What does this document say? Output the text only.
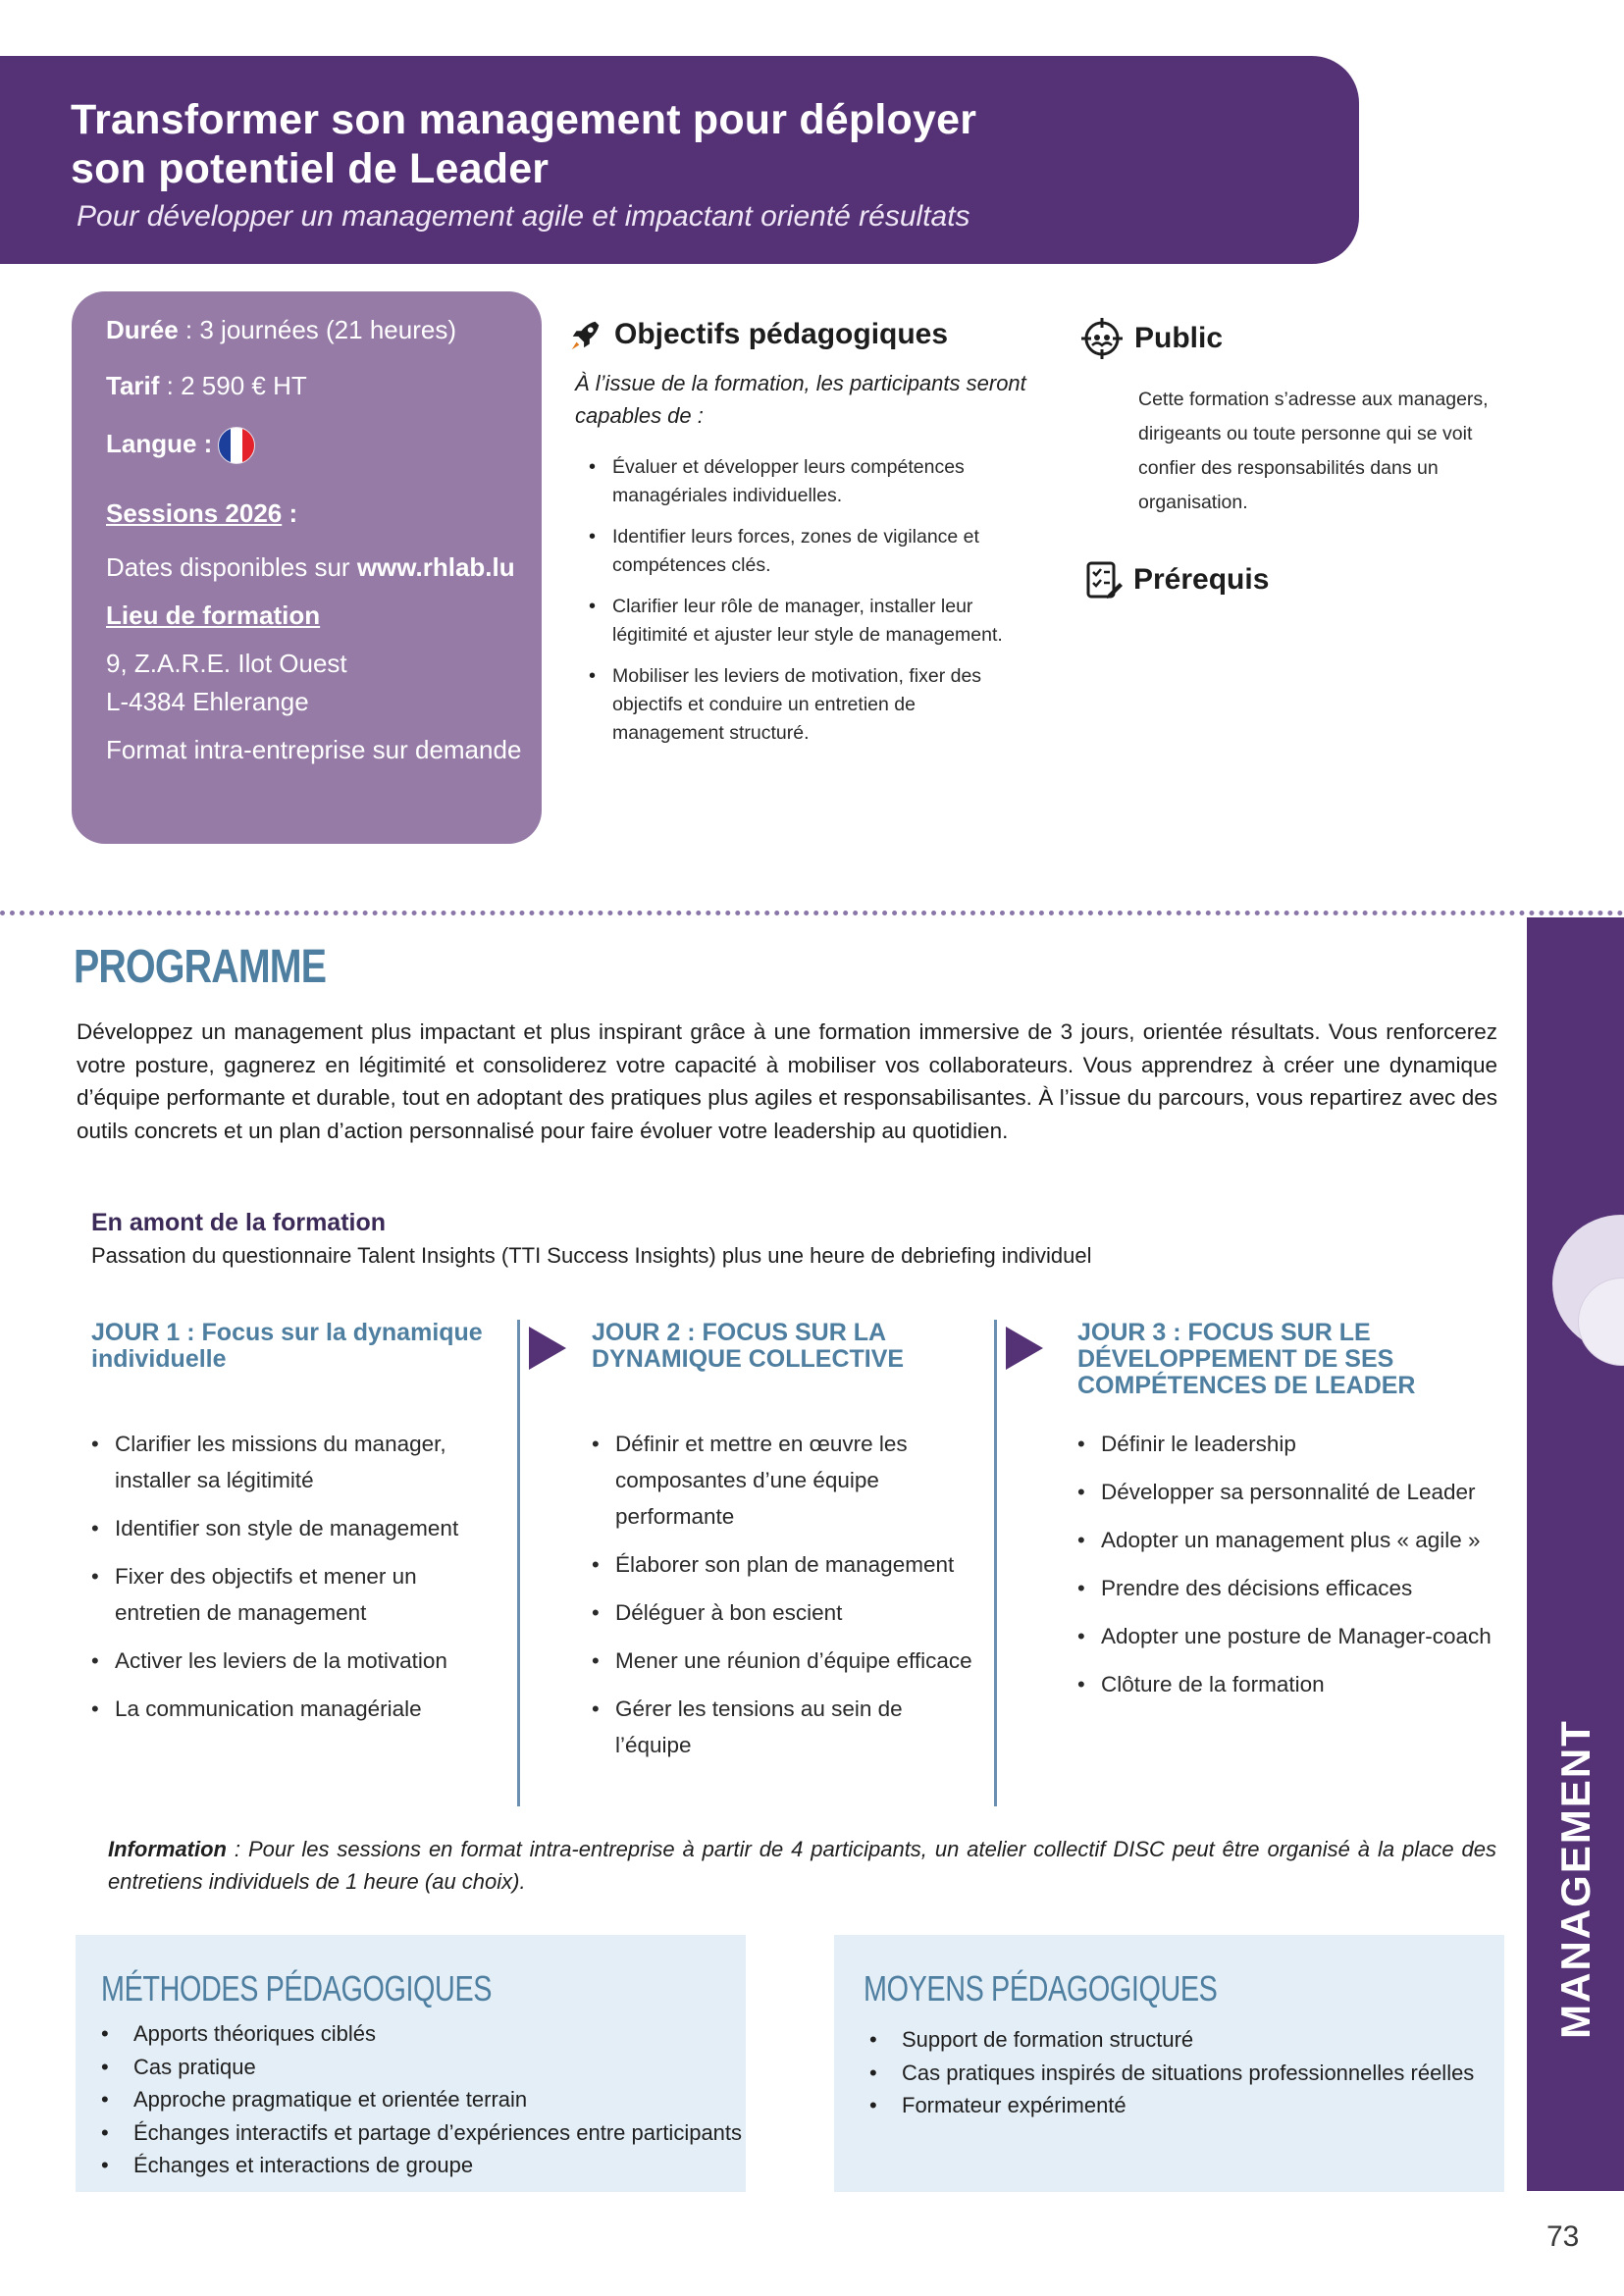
Transformer son management pour déployer
son potentiel de Leader
Pour développer un management agile et impactant orienté résultats
Durée : 3 journées (21 heures)
Tarif : 2 590 € HT
Langue :
Sessions 2026 :
Dates disponibles sur www.rhlab.lu
Lieu de formation
9, Z.A.R.E. Ilot Ouest
L-4384 Ehlerange
Format intra-entreprise sur demande
Objectifs pédagogiques
À l’issue de la formation, les participants seront capables de :
• Évaluer et développer leurs compétences managériales individuelles.
• Identifier leurs forces, zones de vigilance et compétences clés.
• Clarifier leur rôle de manager, installer leur légitimité et ajuster leur style de management.
• Mobiliser les leviers de motivation, fixer des objectifs et conduire un entretien de management structuré.
Public
Cette formation s’adresse aux managers, dirigeants ou toute personne qui se voit confier des responsabilités dans un organisation.
Prérequis
MANAGEMENT
PROGRAMME
Développez un management plus impactant et plus inspirant grâce à une formation immersive de 3 jours, orientée résultats. Vous renforcerez votre posture, gagnerez en légitimité et consoliderez votre capacité à mobiliser vos collaborateurs. Vous apprendrez à créer une dynamique d’équipe performante et durable, tout en adoptant des pratiques plus agiles et responsabilisantes. À l’issue du parcours, vous repartirez avec des outils concrets et un plan d’action personnalisé pour faire évoluer votre leadership au quotidien.
En amont de la formation
Passation du questionnaire Talent Insights (TTI Success Insights) plus une heure de debriefing individuel
JOUR 1 : Focus sur la dynamique
individuelle
• Clarifier les missions du manager, installer sa légitimité
• Identifier son style de management
• Fixer des objectifs et mener un entretien de management
• Activer les leviers de la motivation
• La communication managériale
JOUR 2 : FOCUS SUR LA
DYNAMIQUE COLLECTIVE
• Définir et mettre en œuvre les composantes d’une équipe performante
• Élaborer son plan de management
• Déléguer à bon escient
• Mener une réunion d’équipe efficace
• Gérer les tensions au sein de l’équipe
JOUR 3 : FOCUS SUR LE
DÉVELOPPEMENT DE SES
COMPÉTENCES DE LEADER
• Définir le leadership
• Développer sa personnalité de Leader
• Adopter un management plus « agile »
• Prendre des décisions efficaces
• Adopter une posture de Manager-coach
• Clôture de la formation
Information : Pour les sessions en format intra-entreprise à partir de 4 participants, un atelier collectif DISC peut être organisé à la place des entretiens individuels de 1 heure (au choix).
MÉTHODES PÉDAGOGIQUES
• Apports théoriques ciblés
• Cas pratique
• Approche pragmatique et orientée terrain
• Échanges interactifs et partage d’expériences entre participants
• Échanges et interactions de groupe
MOYENS PÉDAGOGIQUES
• Support de formation structuré
• Cas pratiques inspirés de situations professionnelles réelles
• Formateur expérimenté
73
